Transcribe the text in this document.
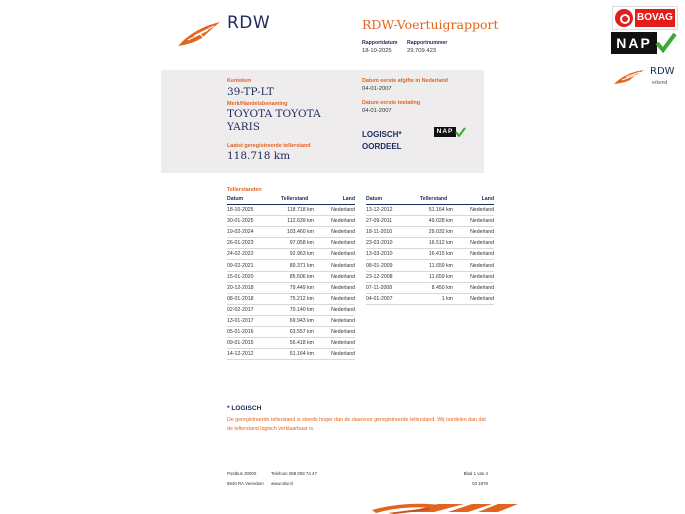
BOVAG
NAP
RDW
erkend
RDW	RDW-Voertuigrapport
Rapportdatum
18-10-2025
Rapportnummer
29.709.423
Kenteken
39-TP-LT
Merk/Handelsbenaming
TOYOTA TOYOTA
YARIS
Laatst geregistreerde tellerstand
118.718 km
Datum eerste afgifte in Nederland
04-01-2007
Datum eerste toelating
04-01-2007
LOGISCH*
OORDEEL
NAP
Tellerstanden
Datum	Tellerstand	Land
18-10-2025	118.718 km	Nederland
30-01-2025	112.639 km	Nederland
19-02-2024	103.460 km	Nederland
26-01-2023	97.058 km	Nederland
24-02-2022	92.963 km	Nederland
09-02-2021	89.371 km	Nederland
15-01-2020	85.506 km	Nederland
20-12-2018	79.449 km	Nederland
08-01-2018	75.212 km	Nederland
02-02-2017	70.140 km	Nederland
13-01-2017	69.943 km	Nederland
05-01-2016	63.557 km	Nederland
09-01-2015	56.418 km	Nederland
14-12-2012	51.164 km	Nederland
Datum	Tellerstand	Land
13-12-2012	51.164 km	Nederland
27-09-2011	49.028 km	Nederland
18-11-2010	29.032 km	Nederland
23-03-2010	16.512 km	Nederland
13-03-2010	16.415 km	Nederland
08-01-2009	11.659 km	Nederland
23-12-2008	11.659 km	Nederland
07-11-2008	8.450 km	Nederland
04-01-2007	1 km	Nederland
* LOGISCH
De geregistreerde tellerstand is steeds hoger dan de daarvoor geregistreerde tellerstand. Wij oordelen dan dat de tellerstand logisch verklaarbaar is.
Postbus 30000
9640 RA Veendam
Telefoon 088 008 74 47
www.rdw.nl
Blad 1 van 4
03 1878
